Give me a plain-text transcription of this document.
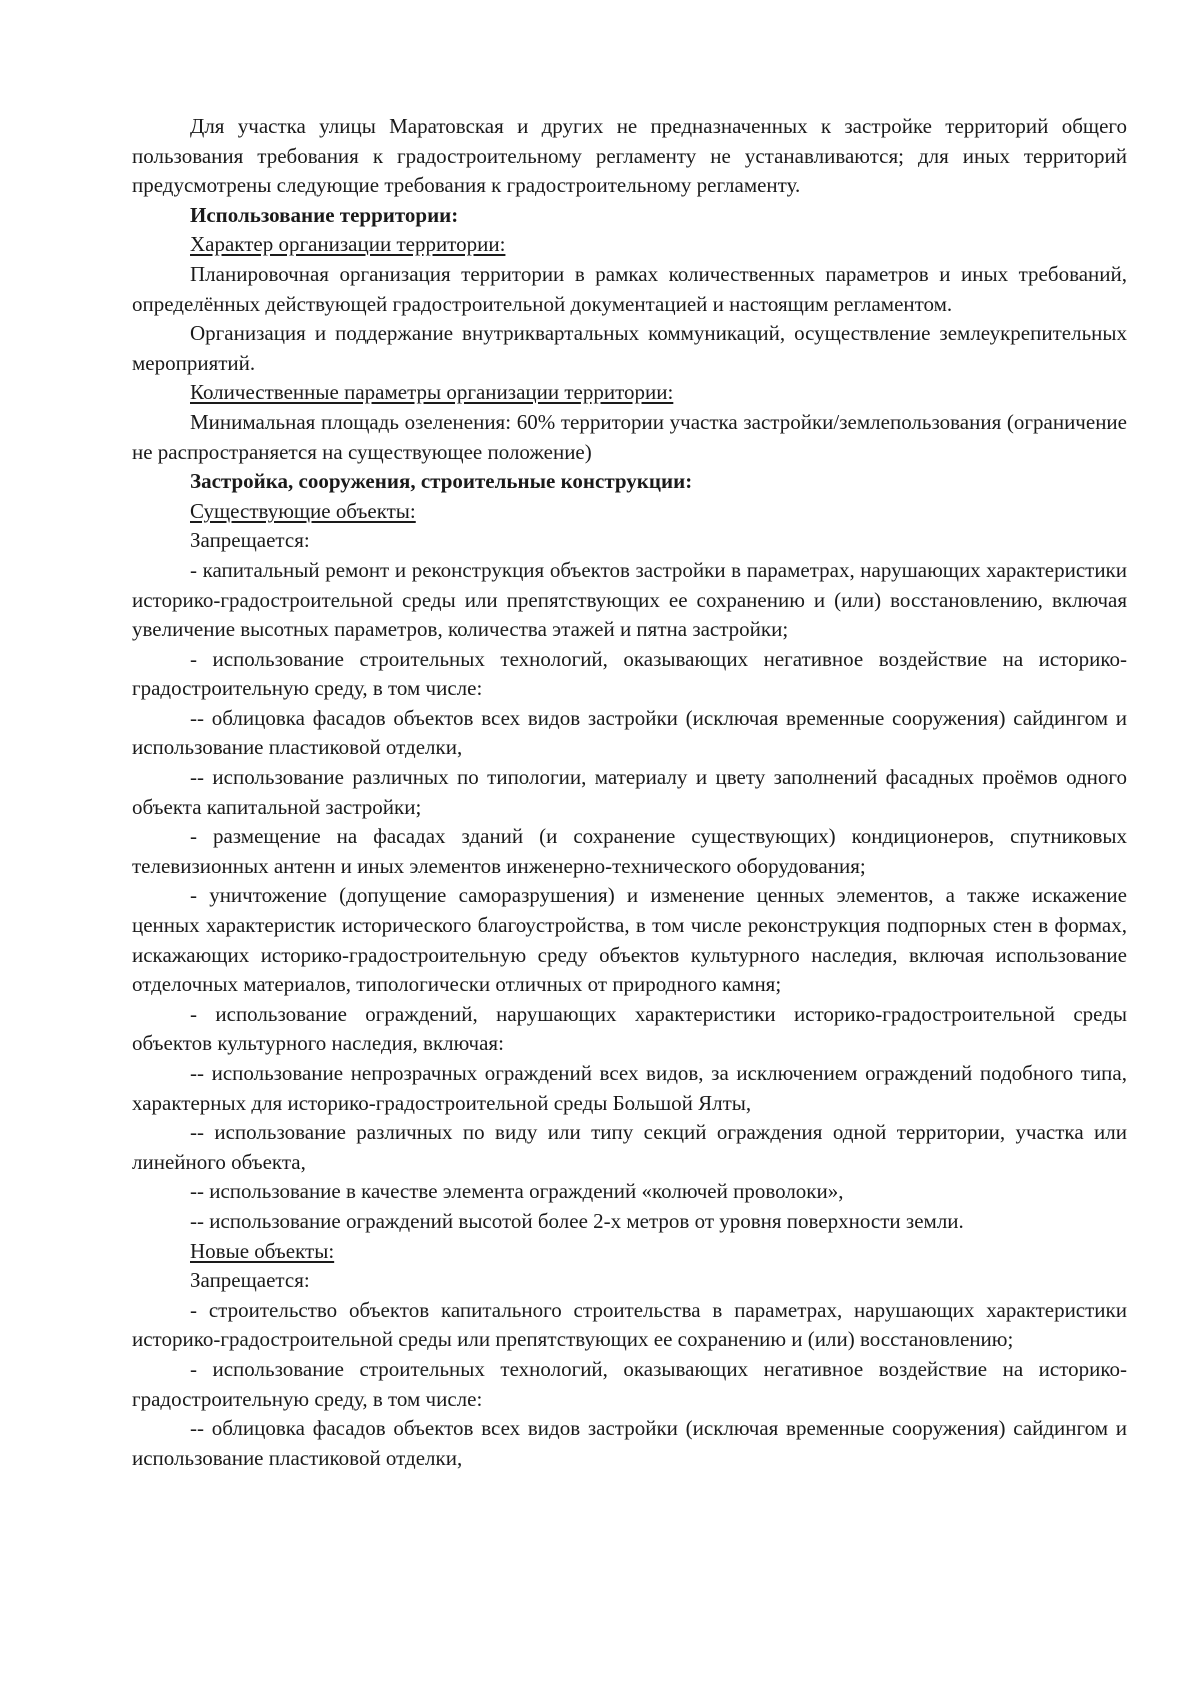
Для участка улицы Маратовская и других не предназначенных к застройке территорий общего пользования требования к градостроительному регламенту не устанавливаются; для иных территорий предусмотрены следующие требования к градостроительному регламенту.

Использование территории:

Характер организации территории:

Планировочная организация территории в рамках количественных параметров и иных требований, определённых действующей градостроительной документацией и настоящим регламентом.

Организация и поддержание внутриквартальных коммуникаций, осуществление землеукрепительных мероприятий.

Количественные параметры организации территории:

Минимальная площадь озеленения: 60% территории участка застройки/землепользования (ограничение не распространяется на существующее положение)

Застройка, сооружения, строительные конструкции:

Существующие объекты:

Запрещается:

- капитальный ремонт и реконструкция объектов застройки в параметрах, нарушающих характеристики историко-градостроительной среды или препятствующих ее сохранению и (или) восстановлению, включая увеличение высотных параметров, количества этажей и пятна застройки;

- использование строительных технологий, оказывающих негативное воздействие на историко-градостроительную среду, в том числе:

-- облицовка фасадов объектов всех видов застройки (исключая временные сооружения) сайдингом и использование пластиковой отделки,

-- использование различных по типологии, материалу и цвету заполнений фасадных проёмов одного объекта капитальной застройки;

- размещение на фасадах зданий (и сохранение существующих) кондиционеров, спутниковых телевизионных антенн и иных элементов инженерно-технического оборудования;

- уничтожение (допущение саморазрушения) и изменение ценных элементов, а также искажение ценных характеристик исторического благоустройства, в том числе реконструкция подпорных стен в формах, искажающих историко-градостроительную среду объектов культурного наследия, включая использование отделочных материалов, типологически отличных от природного камня;

- использование ограждений, нарушающих характеристики историко-градостроительной среды объектов культурного наследия, включая:

-- использование непрозрачных ограждений всех видов, за исключением ограждений подобного типа, характерных для историко-градостроительной среды Большой Ялты,

-- использование различных по виду или типу секций ограждения одной территории, участка или линейного объекта,

-- использование в качестве элемента ограждений «колючей проволоки»,

-- использование ограждений высотой более 2-х метров от уровня поверхности земли.

Новые объекты:

Запрещается:

- строительство объектов капитального строительства в параметрах, нарушающих характеристики историко-градостроительной среды или препятствующих ее сохранению и (или) восстановлению;

- использование строительных технологий, оказывающих негативное воздействие на историко-градостроительную среду, в том числе:

-- облицовка фасадов объектов всех видов застройки (исключая временные сооружения) сайдингом и использование пластиковой отделки,
